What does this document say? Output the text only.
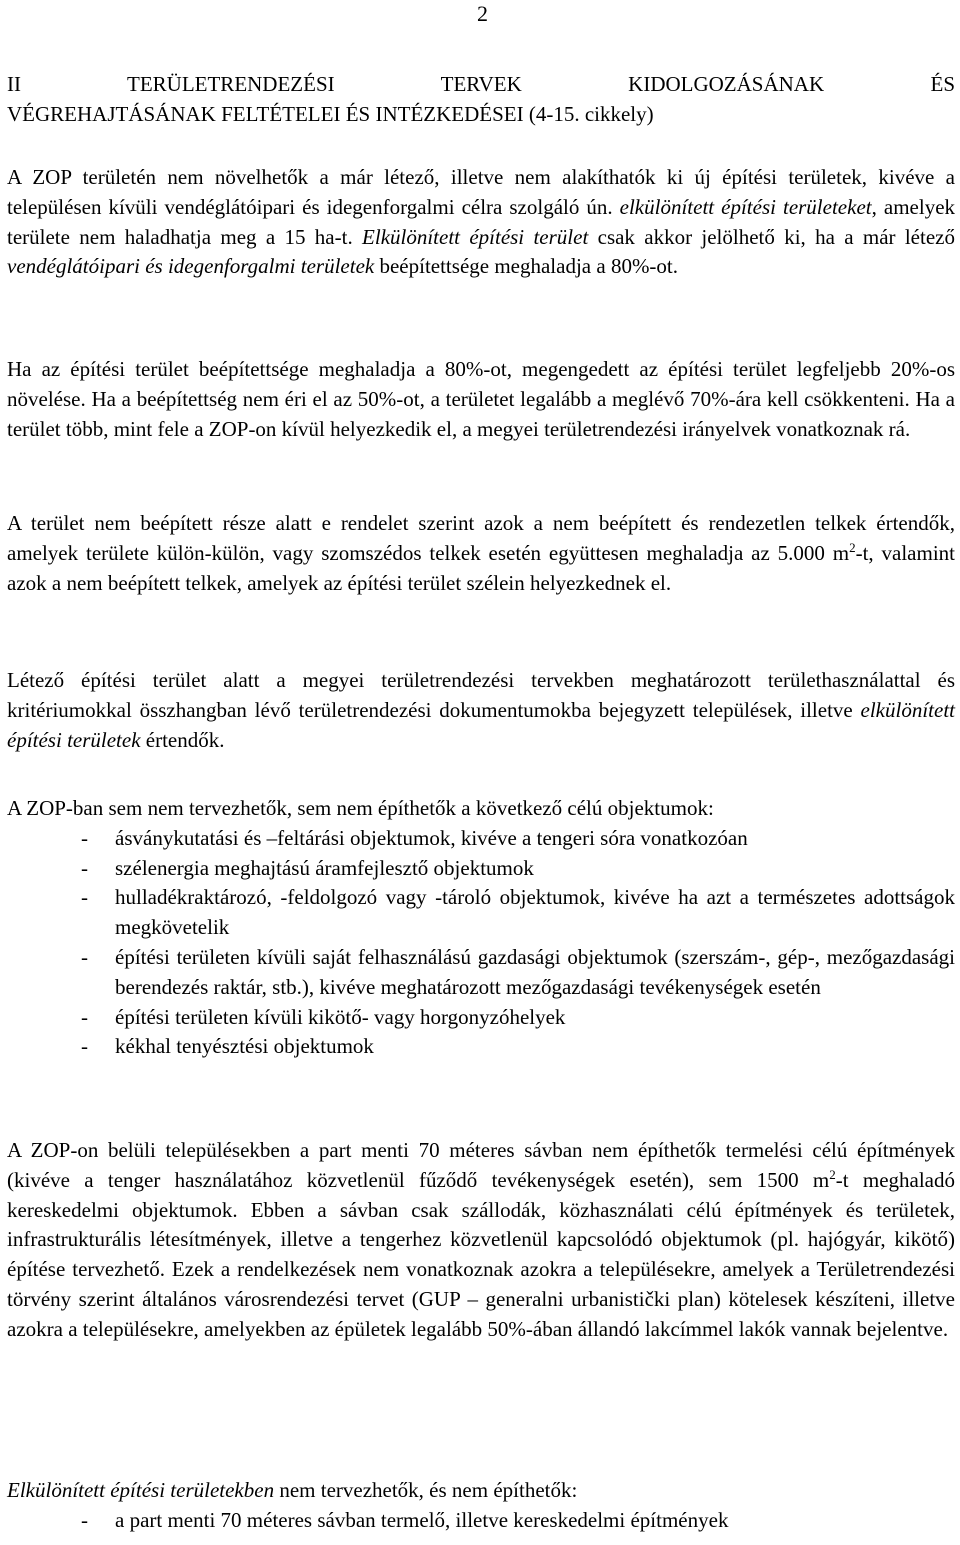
2
II	TERÜLETRENDEZÉSI	TERVEK	KIDOLGOZÁSÁNAK	ÉS
VÉGREHAJTÁSÁNAK FELTÉTELEI ÉS INTÉZKEDÉSEI (4-15. cikkely)

A ZOP területén nem növelhetők a már létező, illetve nem alakíthatók ki új építési területek, kivéve a településen kívüli vendéglátóipari és idegenforgalmi célra szolgáló ún. elkülönített építési területeket, amelyek területe nem haladhatja meg a 15 ha-t. Elkülönített építési terület csak akkor jelölhető ki, ha a már létező vendéglátóipari és idegenforgalmi területek beépítettsége meghaladja a 80%-ot.

Ha az építési terület beépítettsége meghaladja a 80%-ot, megengedett az építési terület legfeljebb 20%-os növelése. Ha a beépítettség nem éri el az 50%-ot, a területet legalább a meglévő 70%-ára kell csökkenteni. Ha a terület több, mint fele a ZOP-on kívül helyezkedik el, a megyei területrendezési irányelvek vonatkoznak rá.

A terület nem beépített része alatt e rendelet szerint azok a nem beépített és rendezetlen telkek értendők, amelyek területe külön-külön, vagy szomszédos telkek esetén együttesen meghaladja az 5.000 $m^2-t$, valamint azok a nem beépített telkek, amelyek az építési terület szélein helyezkednek el.

Létező építési terület alatt a megyei területrendezési tervekben meghatározott területhasználattal és kritériumokkal összhangban lévő területrendezési dokumentumokba bejegyzett települések, illetve elkülönített építési területek értendők.

A ZOP-ban sem nem tervezhetők, sem nem építhetők a következő célú objektumok:

- ásványkutatási és –feltárási objektumok, kivéve a tengeri sóra vonatkozóan
- szélenergia meghajtású áramfejlesztő objektumok
- hulladékraktározó, -feldolgozó vagy -tároló objektumok, kivéve ha azt a természetes adottságok megkövetelik
- építési területen kívüli saját felhasználású gazdasági objektumok (szerszám-, gép-, mezőgazdasági berendezés raktár, stb.), kivéve meghatározott mezőgazdasági tevékenységek esetén
- építési területen kívüli kikötő- vagy horgonyzóhelyek
- kékhal tenyésztési objektumok

A ZOP-on belüli településekben a part menti 70 méteres sávban nem építhetők termelési célú építmények (kivéve a tenger használatához közvetlenül fűződő tevékenységek esetén), sem 1500 $m^2-t$ meghaladó kereskedelmi objektumok. Ebben a sávban csak szállodák, közhasználati célú építmények és területek, infrastrukturális létesítmények, illetve a tengerhez közvetlenül kapcsolódó objektumok (pl. hajógyár, kikötő) építése tervezhető. Ezek a rendelkezések nem vonatkoznak azokra a településekre, amelyek a Területrendezési törvény szerint általános városrendezési tervet (GUP – generalni urbanistički plan) kötelesek készíteni, illetve azokra a településekre, amelyekben az épületek legalább 50%-ában állandó lakcímmel lakók vannak bejelentve.

Elkülönített építési területekben nem tervezhetők, és nem építhetők:

- a part menti 70 méteres sávban termelő, illetve kereskedelmi építmények
